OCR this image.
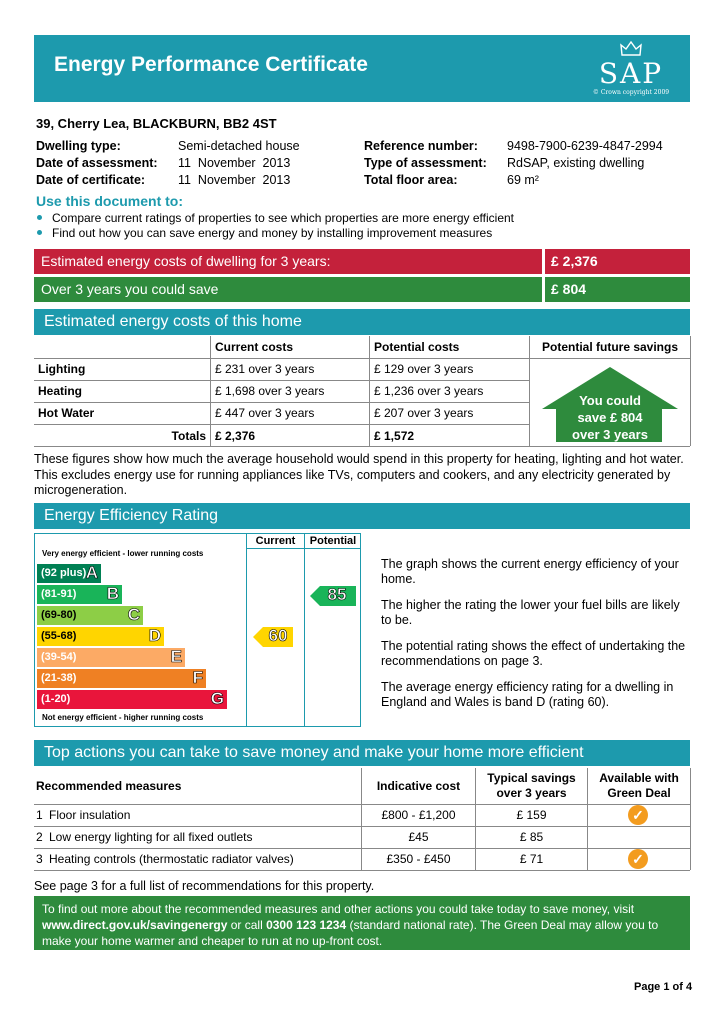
Energy Performance Certificate	SAP
© Crown copyright 2009
39, Cherry Lea, BLACKBURN, BB2 4ST
Dwelling type:	Semi-detached house
Date of assessment: 11  November  2013
Date of certificate:	11  November  2013
Reference number: 9498-7900-6239-4847-2994
Type of assessment: RdSAP, existing dwelling
Total floor area:	69 m²
Use this document to:
Compare current ratings of properties to see which properties are more energy efficient
Find out how you can save energy and money by installing improvement measures
Estimated energy costs of dwelling for 3 years:	£ 2,376
Over 3 years you could save	£ 804
Estimated energy costs of this home
Current costs	Potential costs	Potential future savings
Lighting	£ 231 over 3 years	£ 129 over 3 years
Heating	£ 1,698 over 3 years	£ 1,236 over 3 years
Hot Water	£ 447 over 3 years	£ 207 over 3 years
Totals £ 2,376	£ 1,572
You could
save £ 804
over 3 years
These figures show how much the average household would spend in this property for heating, lighting and hot water. This excludes energy use for running appliances like TVs, computers and cookers, and any electricity generated by microgeneration.
Energy Efficiency Rating
Current	Potential
Very energy efficient - lower running costs
Not energy efficient - higher running costs
(92 plus) A
(81-91) B
(69-80)	C
(55-68)	D
(39-54)	E
(21-38)	F
(1-20)	G
60
85
The graph shows the current energy efficiency of your home.
The higher the rating the lower your fuel bills are likely to be.
The potential rating shows the effect of undertaking the recommendations on page 3.
The average energy efficiency rating for a dwelling in England and Wales is band D (rating 60).
Top actions you can take to save money and make your home more efficient
Recommended measures	Indicative cost
Typical savings
over 3 years
Available with
Green Deal
1 Floor insulation	£800 - £1,200	£ 159	✓
2 Low energy lighting for all fixed outlets	£45	£ 85
3 Heating controls (thermostatic radiator valves)	£350 - £450	£ 71	✓
See page 3 for a full list of recommendations for this property.
To find out more about the recommended measures and other actions you could take today to save money, visit www.direct.gov.uk/savingenergy or call 0300 123 1234 (standard national rate). The Green Deal may allow you to make your home warmer and cheaper to run at no up-front cost.
Page 1 of 4
